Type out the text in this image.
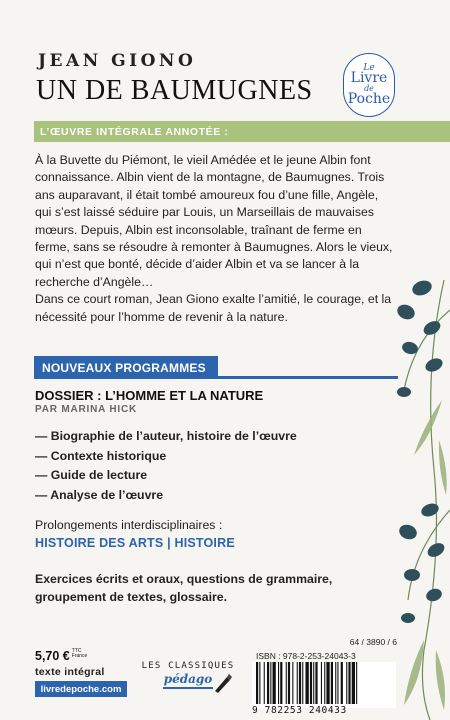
JEAN GIONO
UN DE BAUMUGNES
Le
Livre
de
Poche
L’ŒUVRE INTÉGRALE ANNOTÉE :

À la Buvette du Piémont, le vieil Amédée et le jeune Albin font connaissance. Albin vient de la montagne, de Baumugnes. Trois ans auparavant, il était tombé amoureux fou d’une fille, Angèle, qui s’est laissé séduire par Louis, un Marseillais de mauvaises mœurs. Depuis, Albin est inconsolable, traînant de ferme en ferme, sans se résoudre à remonter à Baumugnes. Alors le vieux, qui n’est que bonté, décide d’aider Albin et va se lancer à la recherche d’Angèle…

Dans ce court roman, Jean Giono exalte l’amitié, le courage, et la nécessité pour l’homme de revenir à la nature.

NOUVEAUX PROGRAMMES
DOSSIER : L’HOMME ET LA NATURE
PAR MARINA HICK
— Biographie de l’auteur, histoire de l’œuvre
— Contexte historique
— Guide de lecture
— Analyse de l’œuvre
Prolongements interdisciplinaires :
HISTOIRE DES ARTS | HISTOIRE
Exercices écrits et oraux, questions de grammaire, groupement de textes, glossaire.
5,70 € TTC
France
texte intégral
livredepoche.com
LES CLASSIQUES
pédago
64 / 3890 / 6
ISBN : 978-2-253-24043-3
9 782253 240433
